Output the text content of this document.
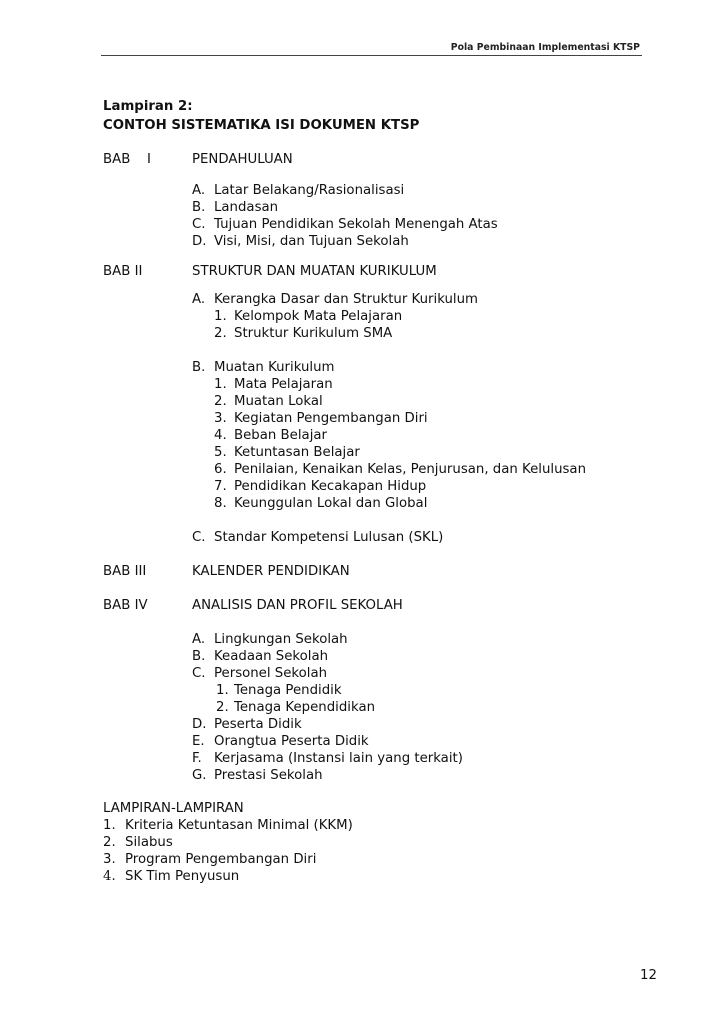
Pola Pembinaan Implementasi KTSP
Lampiran 2:
CONTOH SISTEMATIKA ISI DOKUMEN KTSP
BAB I	PENDAHULUAN
A. Latar Belakang/Rasionalisasi
B. Landasan
C. Tujuan Pendidikan Sekolah Menengah Atas
D. Visi, Misi, dan Tujuan Sekolah
BAB II	STRUKTUR DAN MUATAN KURIKULUM
A. Kerangka Dasar dan Struktur Kurikulum
1. Kelompok Mata Pelajaran
2. Struktur Kurikulum SMA
B. Muatan Kurikulum
1. Mata Pelajaran
2. Muatan Lokal
3. Kegiatan Pengembangan Diri
4. Beban Belajar
5. Ketuntasan Belajar
6. Penilaian, Kenaikan Kelas, Penjurusan, dan Kelulusan
7. Pendidikan Kecakapan Hidup
8. Keunggulan Lokal dan Global
C. Standar Kompetensi Lulusan (SKL)
BAB III	KALENDER PENDIDIKAN
BAB IV	ANALISIS DAN PROFIL SEKOLAH
A. Lingkungan Sekolah
B. Keadaan Sekolah
C. Personel Sekolah
1. Tenaga Pendidik
2. Tenaga Kependidikan
D. Peserta Didik
E. Orangtua Peserta Didik
F. Kerjasama (Instansi lain yang terkait)
G. Prestasi Sekolah
LAMPIRAN-LAMPIRAN
1. Kriteria Ketuntasan Minimal (KKM)
2. Silabus
3. Program Pengembangan Diri
4. SK Tim Penyusun
12
